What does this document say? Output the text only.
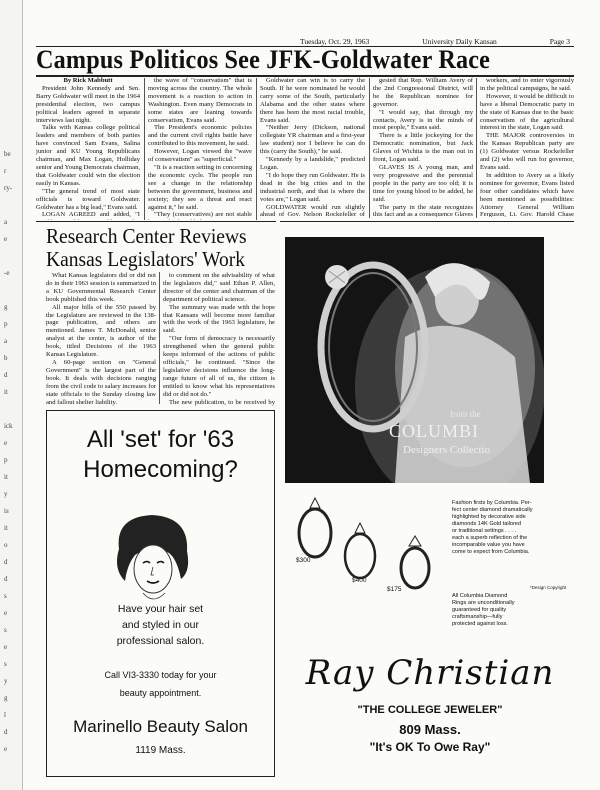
be
r
ry-
a
e
-e
g
p
a
b
d
it
ick
e
p
it
y
is
it
o
d
d
s
e
s
e
s
y
g
l
d
e
Tuesday, Oct. 29, 1963	University Daily Kansan	Page 3
Campus Politicos See JFK-Goldwater Race

By Rick Mabbutt

President John Kennedy and Sen. Barry Goldwater will meet in the 1964 presidential election, two campus political leaders agreed in separate interviews last night.

Talks with Kansas college political leaders and members of both parties have convinced Sam Evans, Salina junior and KU Young Republicans chairman, and Max Logan, Holliday senior and Young Democrats chairman, that Goldwater could win the election easily in Kansas.

"The general trend of most state officials is toward Goldwater. Goldwater has a big lead," Evans said.

LOGAN AGREED and added, "I

the wave of "conservatism" that is moving across the country. The whole movement is a reaction to action in Washington. Even many Democrats in some states are leaning towards conservatism, Evans said.

The President's economic policies and the current civil rights battle have contributed to this movement, he said.

However, Logan viewed the "wave of conservatism" as "superficial."

"It is a reaction setting in concerning the economic cycle. The people run see a change in the relationship between the government, business and society; they see a threat and react against it," he said.

"They (conservatives) are not stable

Goldwater can win is to carry the South. If he were nominated he would carry some of the South, particularly Alabama and the other states where there has been the most racial trouble, Evans said.

"Neither Jerry (Dickson, national collegiate YR chairman and a first-year law student) nor I believe he can do this (carry the South)," he said.

"Kennedy by a landslide," predicted Logan.

"I do hope they run Goldwater. He is dead in the big cities and in the industrial north, and that is where the votes are," Logan said.

GOLDWATER would run slightly ahead of Gov. Nelson Rockefeller of

gested that Rep. William Avery of the 2nd Congressional District, will be the Republican nominee for governor.

"I would say, that through my contacts, Avery is in the minds of most people," Evans said.

There is a little jockeying for the Democratic nomination, but Jack Glaves of Wichita is the man out in front, Logan said.

GLAVES IS A young man, and very progressive and the perennial people in the party are too old; it is time for young blood to be added, he said.

The party in the state recognizes this fact and as a consequence Glaves

workers, and to enter vigorously in the political campaigns, he said.

However, it would be difficult to have a liberal Democratic party in the state of Kansas due to the basic conservatism of the agricultural interest in the state, Logan said.

THE MAJOR controversies in the Kansas Republican party are (1) Goldwater versus Rockefeller and (2) who will run for governor, Evans said.

In addition to Avery as a likely nominee for governor, Evans listed four other candidates which have been mentioned as possibilities: Attorney General William Ferguson, Lt. Gov. Harold Chase

Research Center Reviews
Kansas Legislators' Work

What Kansas legislators did or did not do in their 1963 session is summarized in a KU Governmental Research Center book published this week.

All major bills of the 550 passed by the Legislature are reviewed in the 138-page publication, and others are mentioned. James T. McDonald, senior analyst at the center, is author of the book, titled Decisions of the 1963 Kansas Legislature.

A 60-page section on "General Government" is the largest part of the book. It deals with decisions ranging from the civil code to salary increases for state officials to the Sunday closing law and fallout shelter liability.

to comment on the advisability of what the legislators did," said Ethan P. Allen, director of the center and chairman of the department of political science.

The summary was made with the hope that Kansans will become more familiar with the work of the 1963 legislature, he said.

"Our form of democracy is necessarily strengthened when the general public keeps informed of the actions of public officials," he continued. "Since the legislative decisions influence the long-range future of all of us, the citizen is entitled to know what his representatives did or did not do."

The new publication, to be received by

All 'set' for '63
Homecoming?
Have your hair set
and styled in our
professional salon.
Call VI3-3330 today for your
beauty appointment.
Marinello Beauty Salon
1119 Mass.
from the
COLUMBI
Designers Collectio
$300
$400
$175
Fashion firsts by Columbia. Per-
fect center diamond dramatically
highlighted by decorative side
diamonds 14K Gold tailored
or traditional settings . . . .
each a superb reflection of the
incomparable value you have
come to expect from Columbia.
*Design Copyright
All Columbia Diamond
Rings are unconditionally
guaranteed for quality
craftsmanship—fully
protected against loss.
Ray Christian
"THE COLLEGE JEWELER"
809 Mass.
"It's OK To Owe Ray"
